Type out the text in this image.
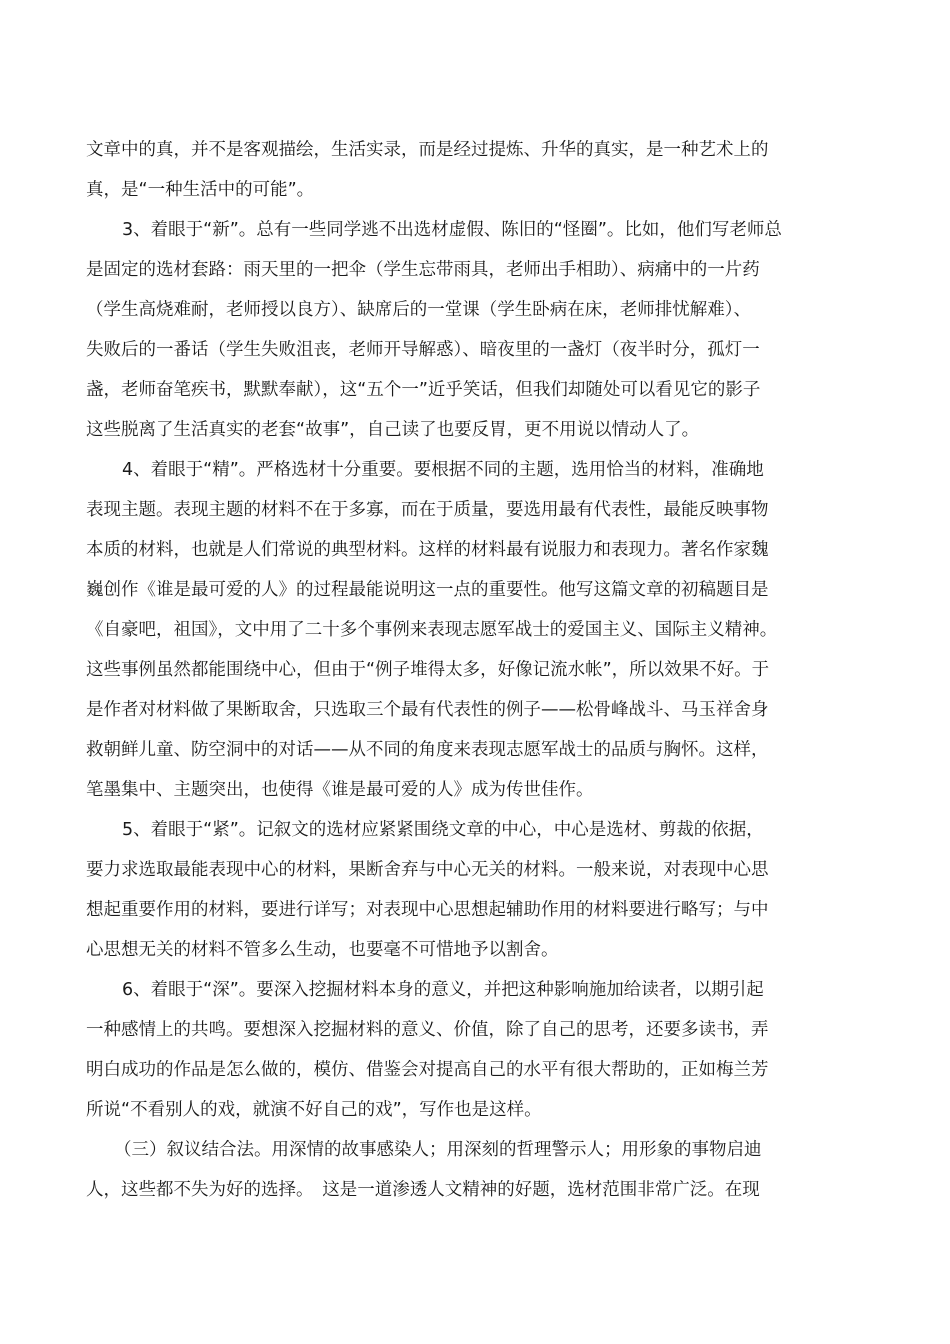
文章中的真，并不是客观描绘，生活实录，而是经过提炼、升华的真实，是一种艺术上的
真，是“一种生活中的可能”。
3、着眼于“新”。总有一些同学逃不出选材虚假、陈旧的“怪圈”。比如，他们写老师总
是固定的选材套路：雨天里的一把伞（学生忘带雨具，老师出手相助）、病痛中的一片药
（学生高烧难耐，老师授以良方）、缺席后的一堂课（学生卧病在床，老师排忧解难）、
失败后的一番话（学生失败沮丧，老师开导解惑）、暗夜里的一盏灯（夜半时分，孤灯一
盏，老师奋笔疾书，默默奉献），这“五个一”近乎笑话，但我们却随处可以看见它的影子
这些脱离了生活真实的老套“故事”，自己读了也要反胃，更不用说以情动人了。
4、着眼于“精”。严格选材十分重要。要根据不同的主题，选用恰当的材料，准确地
表现主题。表现主题的材料不在于多寡，而在于质量，要选用最有代表性，最能反映事物
本质的材料，也就是人们常说的典型材料。这样的材料最有说服力和表现力。著名作家魏
巍创作《谁是最可爱的人》的过程最能说明这一点的重要性。他写这篇文章的初稿题目是
《自豪吧，祖国》，文中用了二十多个事例来表现志愿军战士的爱国主义、国际主义精神。
这些事例虽然都能围绕中心，但由于“例子堆得太多，好像记流水帐”，所以效果不好。于
是作者对材料做了果断取舍，只选取三个最有代表性的例子——松骨峰战斗、马玉祥舍身
救朝鲜儿童、防空洞中的对话——从不同的角度来表现志愿军战士的品质与胸怀。这样，
笔墨集中、主题突出，也使得《谁是最可爱的人》成为传世佳作。
5、着眼于“紧”。记叙文的选材应紧紧围绕文章的中心，中心是选材、剪裁的依据，
要力求选取最能表现中心的材料，果断舍弃与中心无关的材料。一般来说，对表现中心思
想起重要作用的材料，要进行详写；对表现中心思想起辅助作用的材料要进行略写；与中
心思想无关的材料不管多么生动，也要毫不可惜地予以割舍。
6、着眼于“深”。要深入挖掘材料本身的意义，并把这种影响施加给读者，以期引起
一种感情上的共鸣。要想深入挖掘材料的意义、价值，除了自己的思考，还要多读书，弄
明白成功的作品是怎么做的，模仿、借鉴会对提高自己的水平有很大帮助的，正如梅兰芳
所说“不看别人的戏，就演不好自己的戏”，写作也是这样。
（三）叙议结合法。用深情的故事感染人；用深刻的哲理警示人；用形象的事物启迪
人，这些都不失为好的选择。　这是一道渗透人文精神的好题，选材范围非常广泛。在现
